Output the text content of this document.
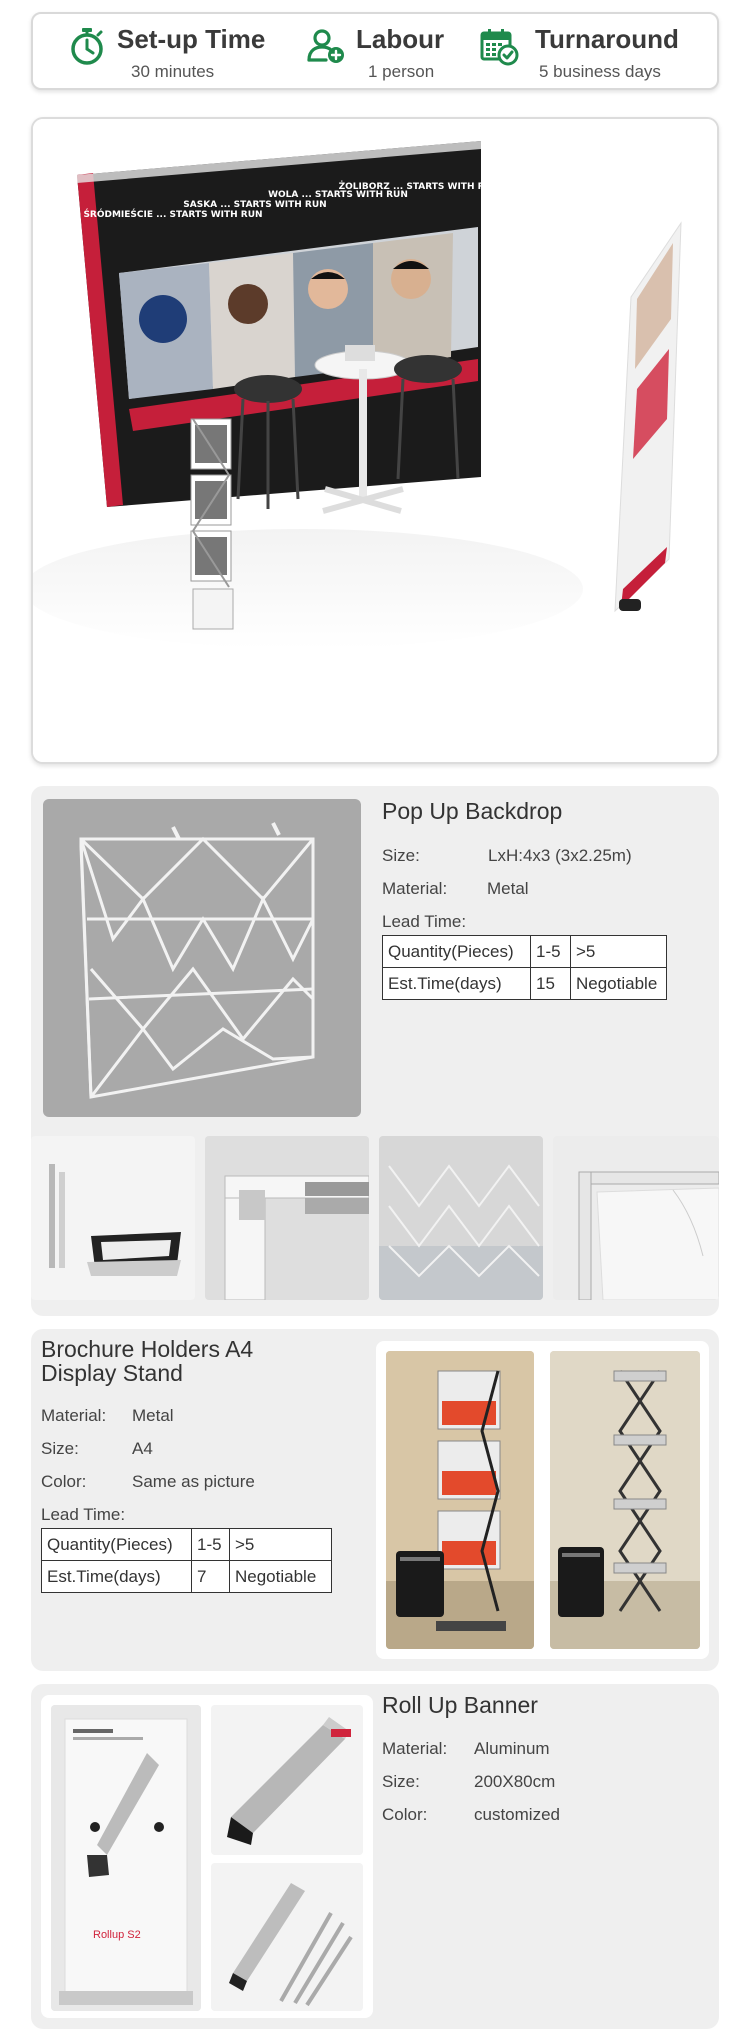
Set-up Time
30 minutes
Labour
1 person
Turnaround
5 business days
ŚRÓDMIEŚCIE ... STARTS WITH RUN
SASKA ... STARTS WITH RUN
WOLA ... STARTS WITH RUN
ŻOLIBORZ ... STARTS WITH RUN
Pop Up Backdrop
Size:	LxH:4x3 (3x2.25m)
Material: Metal
Lead Time:
Quantity(Pieces)	1-5	>5
Est.Time(days)	15	Negotiable
Brochure Holders A4
Display Stand
Material: Metal
Size:	A4
Color:	Same as picture
Lead Time:
Quantity(Pieces)	1-5	>5
Est.Time(days)	7	Negotiable
Rollup S2
Roll Up Banner
Material: Aluminum
Size:	200X80cm
Color:	customized
